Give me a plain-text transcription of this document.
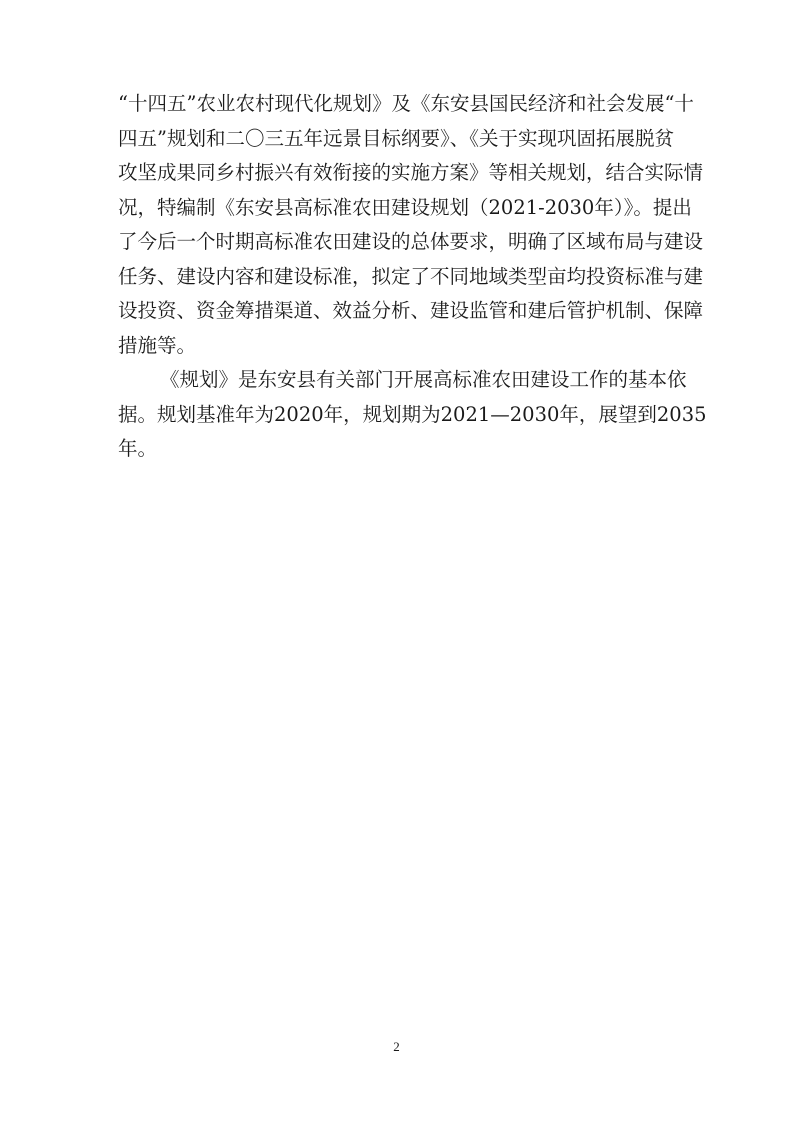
“十四五”农业农村现代化规划》及《东安县国民经济和社会发展“十
四五”规划和二〇三五年远景目标纲要》、《关于实现巩固拓展脱贫
攻坚成果同乡村振兴有效衔接的实施方案》等相关规划，结合实际情
况，特编制《东安县高标准农田建设规划（2021-2030年）》。提出
了今后一个时期高标准农田建设的总体要求，明确了区域布局与建设
任务、建设内容和建设标准，拟定了不同地域类型亩均投资标准与建
设投资、资金筹措渠道、效益分析、建设监管和建后管护机制、保障
措施等。
《规划》是东安县有关部门开展高标准农田建设工作的基本依
据。规划基准年为2020年，规划期为2021—2030年，展望到2035
年。
2
